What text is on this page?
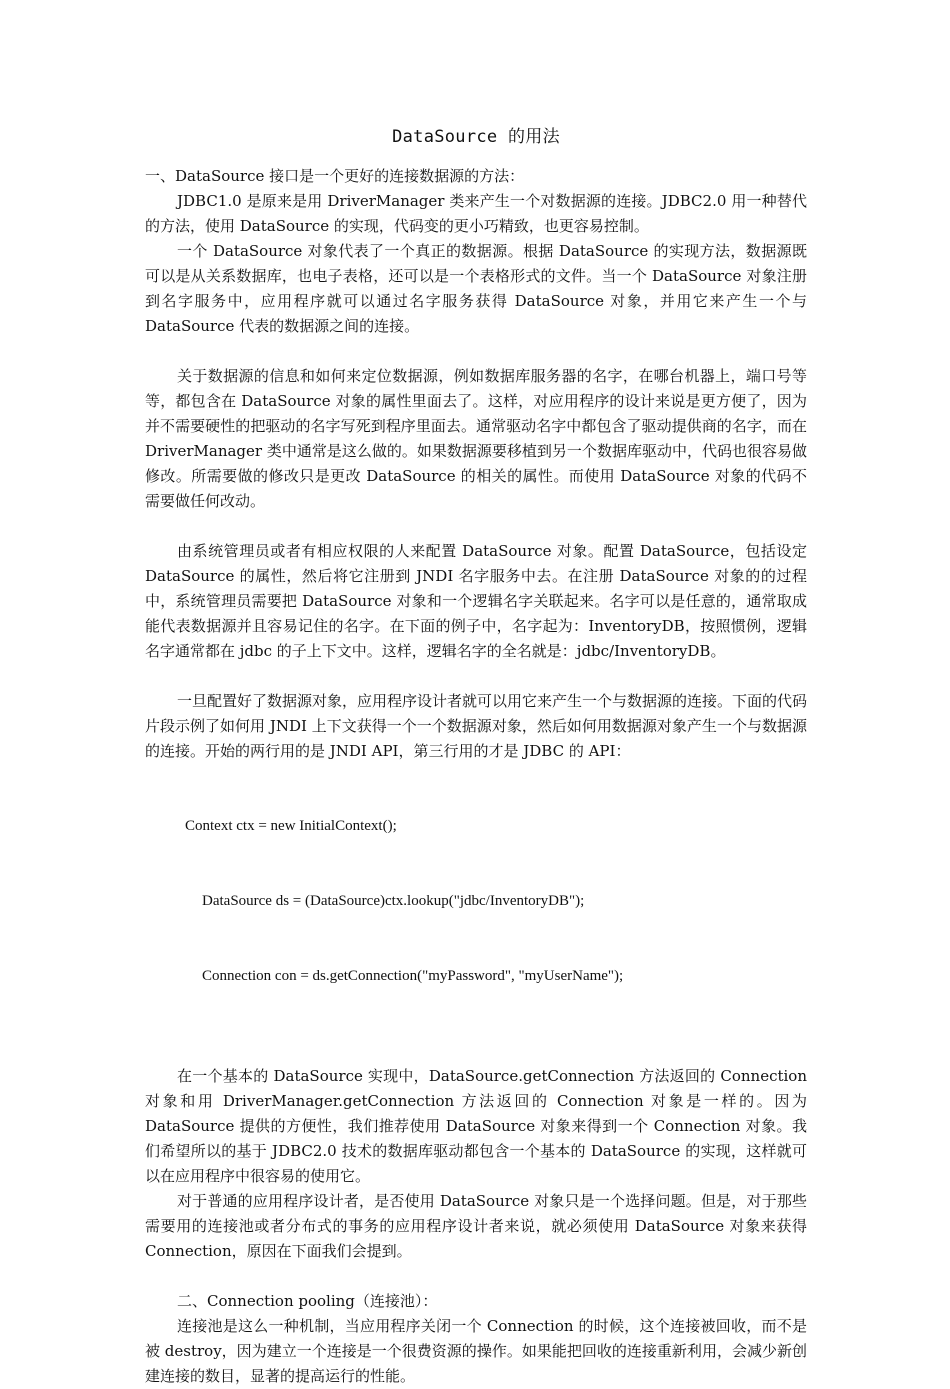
DataSource 的用法

一、DataSource 接口是一个更好的连接数据源的方法：

JDBC1.0 是原来是用 DriverManager 类来产生一个对数据源的连接。JDBC2.0 用一种替代的方法，使用 DataSource 的实现，代码变的更小巧精致，也更容易控制。

一个 DataSource 对象代表了一个真正的数据源。根据 DataSource 的实现方法，数据源既可以是从关系数据库，也电子表格，还可以是一个表格形式的文件。当一个 DataSource 对象注册到名字服务中，应用程序就可以通过名字服务获得 DataSource 对象，并用它来产生一个与 DataSource 代表的数据源之间的连接。

关于数据源的信息和如何来定位数据源，例如数据库服务器的名字，在哪台机器上，端口号等等，都包含在 DataSource 对象的属性里面去了。这样，对应用程序的设计来说是更方便了，因为并不需要硬性的把驱动的名字写死到程序里面去。通常驱动名字中都包含了驱动提供商的名字，而在 DriverManager 类中通常是这么做的。如果数据源要移植到另一个数据库驱动中，代码也很容易做修改。所需要做的修改只是更改 DataSource 的相关的属性。而使用 DataSource 对象的代码不需要做任何改动。

由系统管理员或者有相应权限的人来配置 DataSource 对象。配置 DataSource，包括设定 DataSource 的属性，然后将它注册到 JNDI 名字服务中去。在注册 DataSource 对象的的过程中，系统管理员需要把 DataSource 对象和一个逻辑名字关联起来。名字可以是任意的，通常取成能代表数据源并且容易记住的名字。在下面的例子中，名字起为：InventoryDB，按照惯例，逻辑名字通常都在 jdbc 的子上下文中。这样，逻辑名字的全名就是：jdbc/InventoryDB。

一旦配置好了数据源对象，应用程序设计者就可以用它来产生一个与数据源的连接。下面的代码片段示例了如何用 JNDI 上下文获得一个一个数据源对象，然后如何用数据源对象产生一个与数据源的连接。开始的两行用的是 JNDI API，第三行用的才是 JDBC 的 API：

Context ctx = new InitialContext();

DataSource ds = (DataSource)ctx.lookup("jdbc/InventoryDB");

Connection con = ds.getConnection("myPassword", "myUserName");

在一个基本的 DataSource 实现中，DataSource.getConnection 方法返回的 Connection 对象和用 DriverManager.getConnection 方法返回的 Connection 对象是一样的。因为 DataSource 提供的方便性，我们推荐使用 DataSource 对象来得到一个 Connection 对象。我们希望所以的基于 JDBC2.0 技术的数据库驱动都包含一个基本的 DataSource 的实现，这样就可以在应用程序中很容易的使用它。

对于普通的应用程序设计者，是否使用 DataSource 对象只是一个选择问题。但是，对于那些需要用的连接池或者分布式的事务的应用程序设计者来说，就必须使用 DataSource 对象来获得 Connection，原因在下面我们会提到。

二、Connection pooling（连接池）：

连接池是这么一种机制，当应用程序关闭一个 Connection 的时候，这个连接被回收，而不是被 destroy，因为建立一个连接是一个很费资源的操作。如果能把回收的连接重新利用，会减少新创建连接的数目，显著的提高运行的性能。
